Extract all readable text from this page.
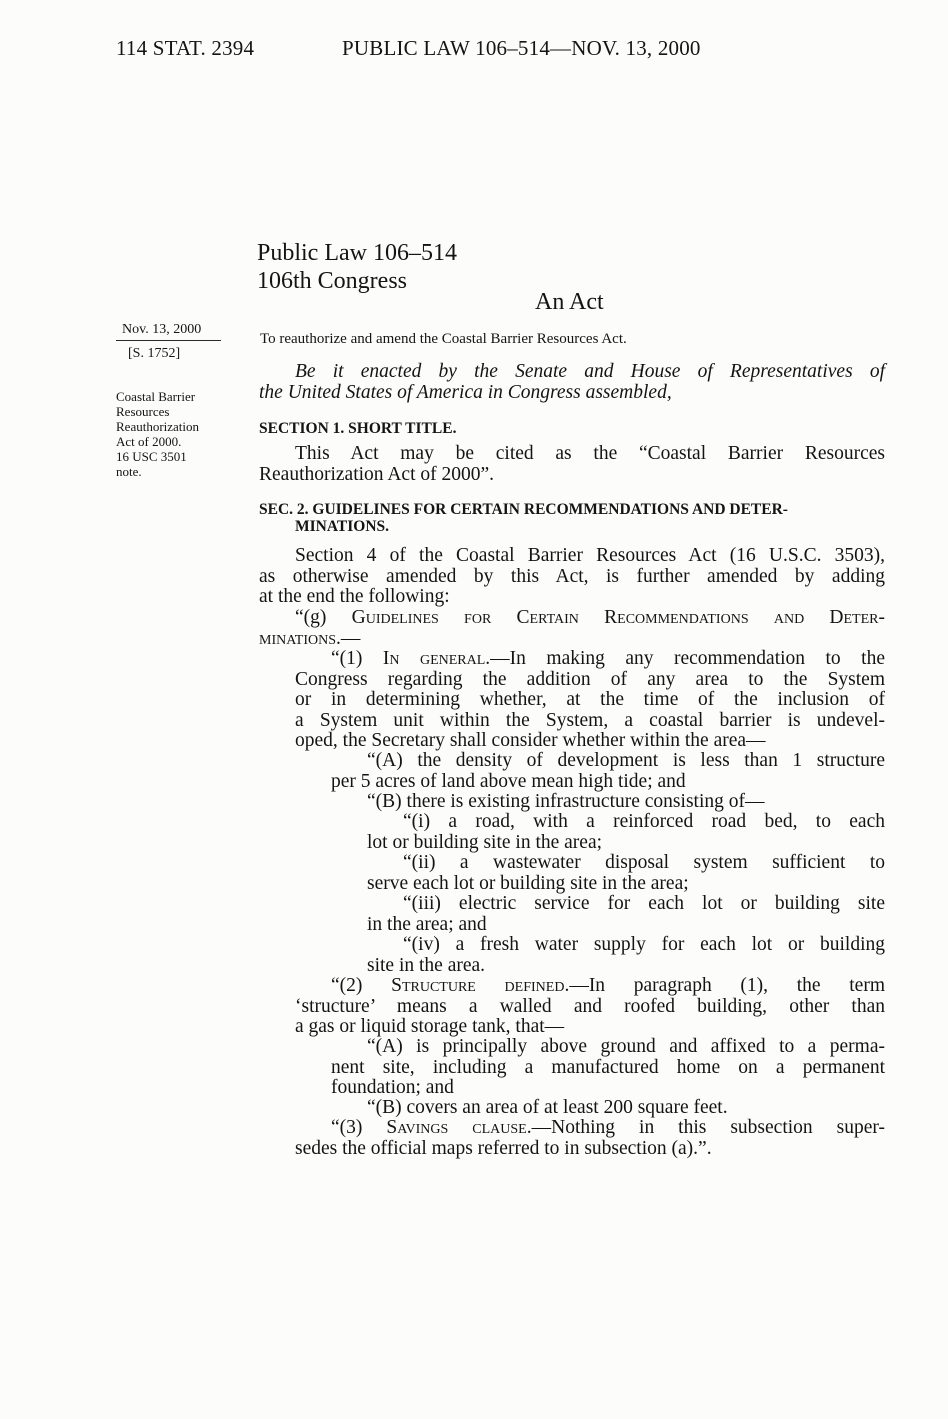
114 STAT. 2394	PUBLIC LAW 106–514—NOV. 13, 2000
Public Law 106–514
106th Congress
An Act
To reauthorize and amend the Coastal Barrier Resources Act.
Nov. 13, 2000
[S. 1752]
Coastal Barrier
Resources
Reauthorization
Act of 2000.
16 USC 3501
note.

Be it enacted by the Senate and House of Representatives of

the United States of America in Congress assembled,

SECTION 1. SHORT TITLE.

This Act may be cited as the “Coastal Barrier Resources

Reauthorization Act of 2000”.

SEC. 2. GUIDELINES FOR CERTAIN RECOMMENDATIONS AND DETER-
MINATIONS.

Section 4 of the Coastal Barrier Resources Act (16 U.S.C. 3503),

as otherwise amended by this Act, is further amended by adding

at the end the following:

“(g) Guidelines for Certain Recommendations and Deter-

minations.—

“(1) In general.—In making any recommendation to the

Congress regarding the addition of any area to the System

or in determining whether, at the time of the inclusion of

a System unit within the System, a coastal barrier is undevel-

oped, the Secretary shall consider whether within the area—

“(A) the density of development is less than 1 structure

per 5 acres of land above mean high tide; and

“(B) there is existing infrastructure consisting of—

“(i) a road, with a reinforced road bed, to each

lot or building site in the area;

“(ii) a wastewater disposal system sufficient to

serve each lot or building site in the area;

“(iii) electric service for each lot or building site

in the area; and

“(iv) a fresh water supply for each lot or building

site in the area.

“(2) Structure defined.—In paragraph (1), the term

‘structure’ means a walled and roofed building, other than

a gas or liquid storage tank, that—

“(A) is principally above ground and affixed to a perma-

nent site, including a manufactured home on a permanent

foundation; and

“(B) covers an area of at least 200 square feet.

“(3) Savings clause.—Nothing in this subsection super-

sedes the official maps referred to in subsection (a).”.
